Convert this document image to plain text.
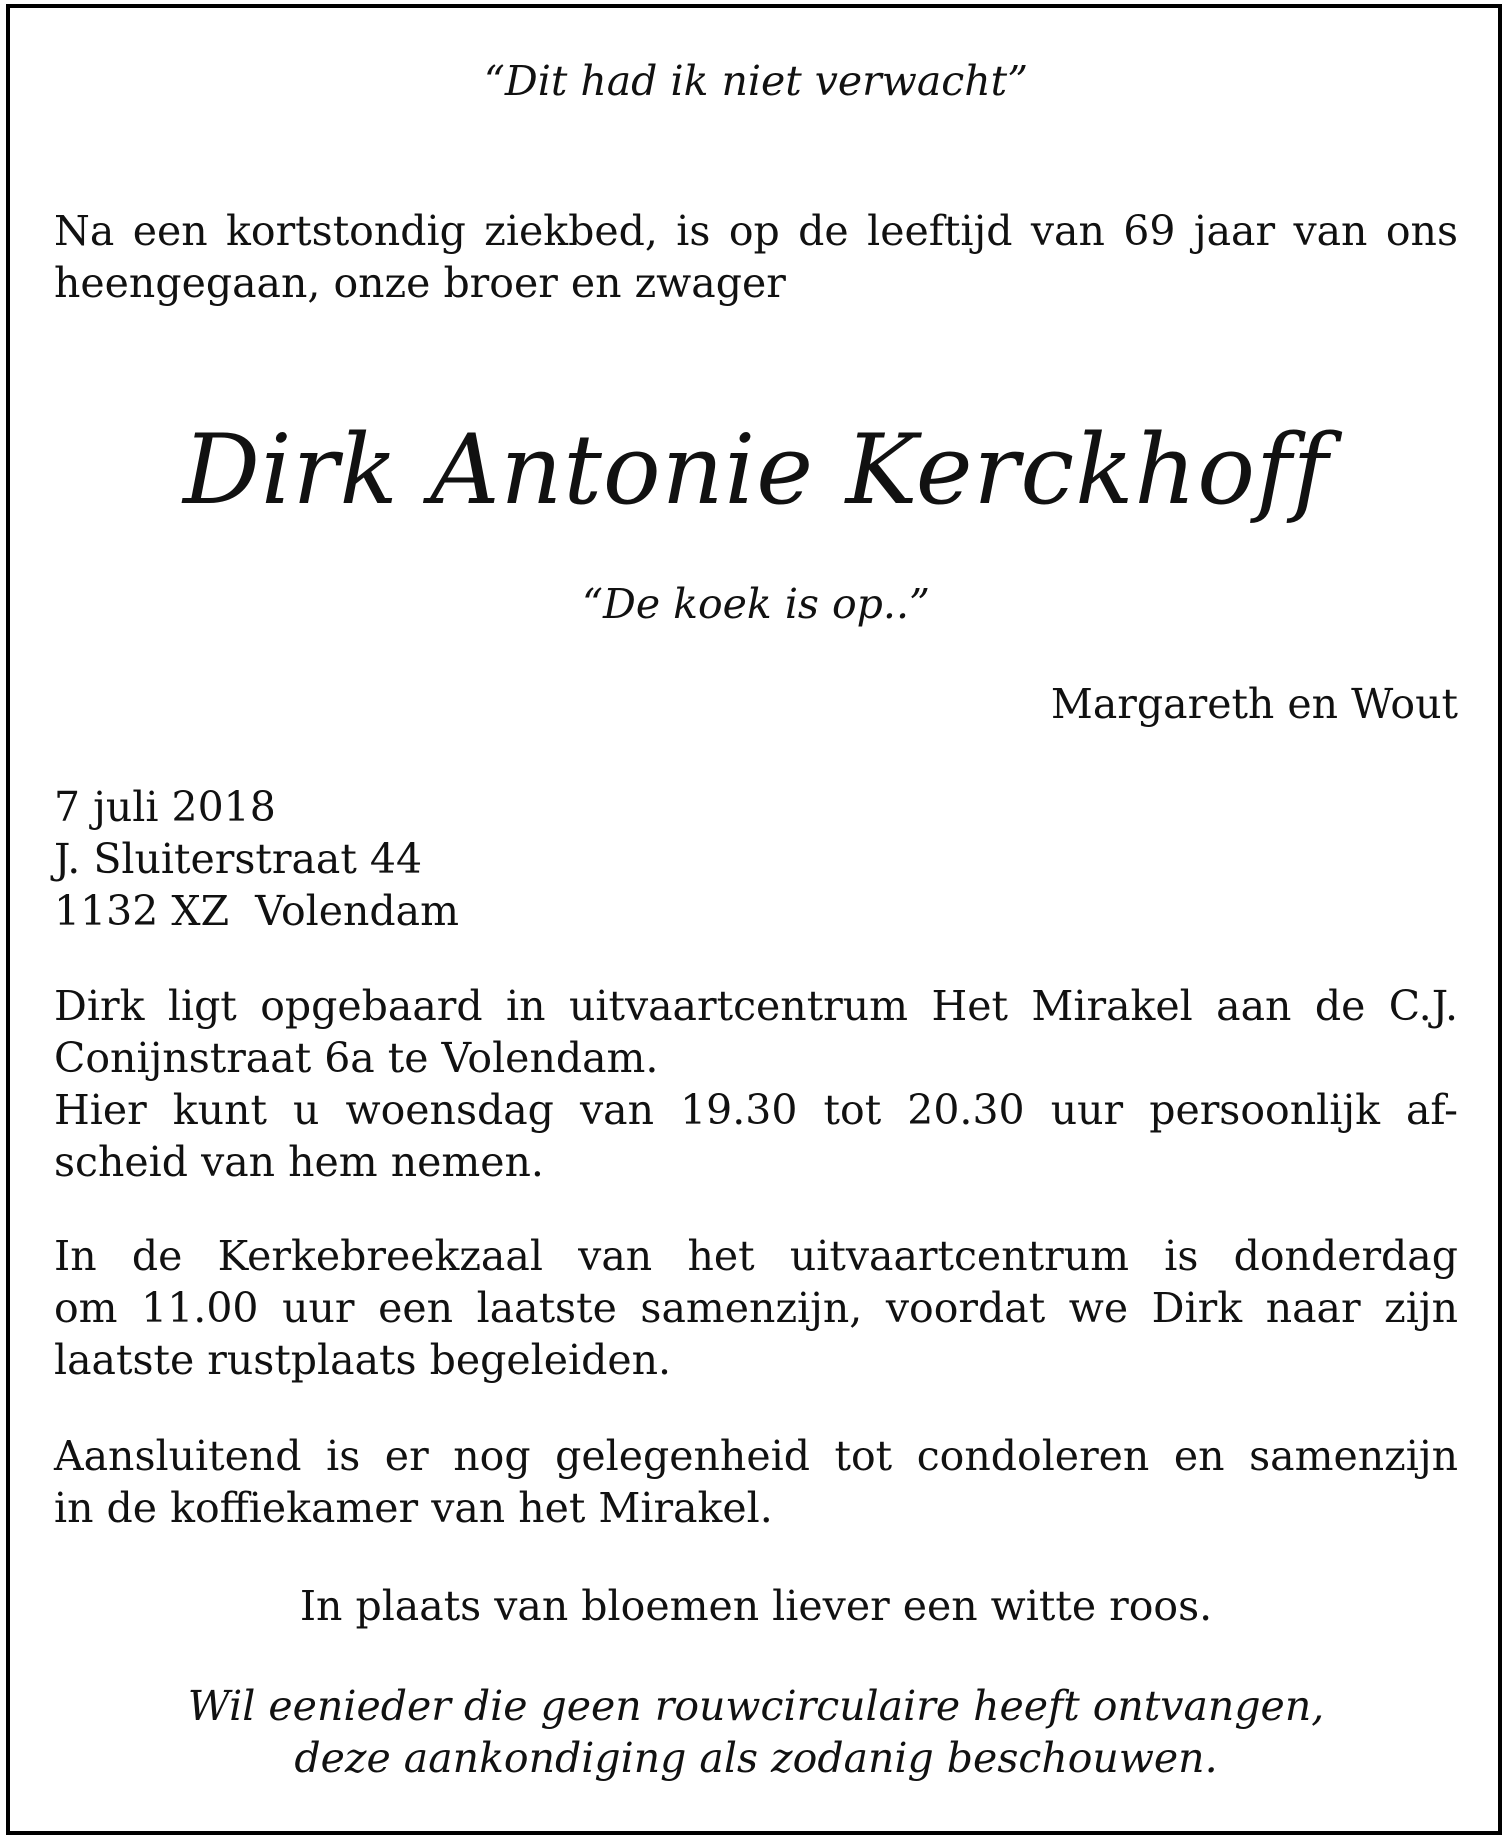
“Dit had ik niet verwacht”

Na een kortstondig ziekbed, is op de leeftijd van 69 jaar van ons
heengegaan, onze broer en zwager
Dirk Antonie Kerckhoff

“De koek is op..”

Margareth en Wout

7 juli 2018
J. Sluiterstraat 44
1132 XZ  Volendam
Dirk ligt opgebaard in uitvaartcentrum Het Mirakel aan de C.J.
Conijnstraat 6a te Volendam.
Hier kunt u woensdag van 19.30 tot 20.30 uur persoonlijk af-
scheid van hem nemen.
In de Kerkebreekzaal van het uitvaartcentrum is donderdag
om 11.00 uur een laatste samenzijn, voordat we Dirk naar zijn
laatste rustplaats begeleiden.
Aansluitend is er nog gelegenheid tot condoleren en samenzijn
in de koffiekamer van het Mirakel.

In plaats van bloemen liever een witte roos.

Wil eenieder die geen rouwcirculaire heeft ontvangen,
deze aankondiging als zodanig beschouwen.
